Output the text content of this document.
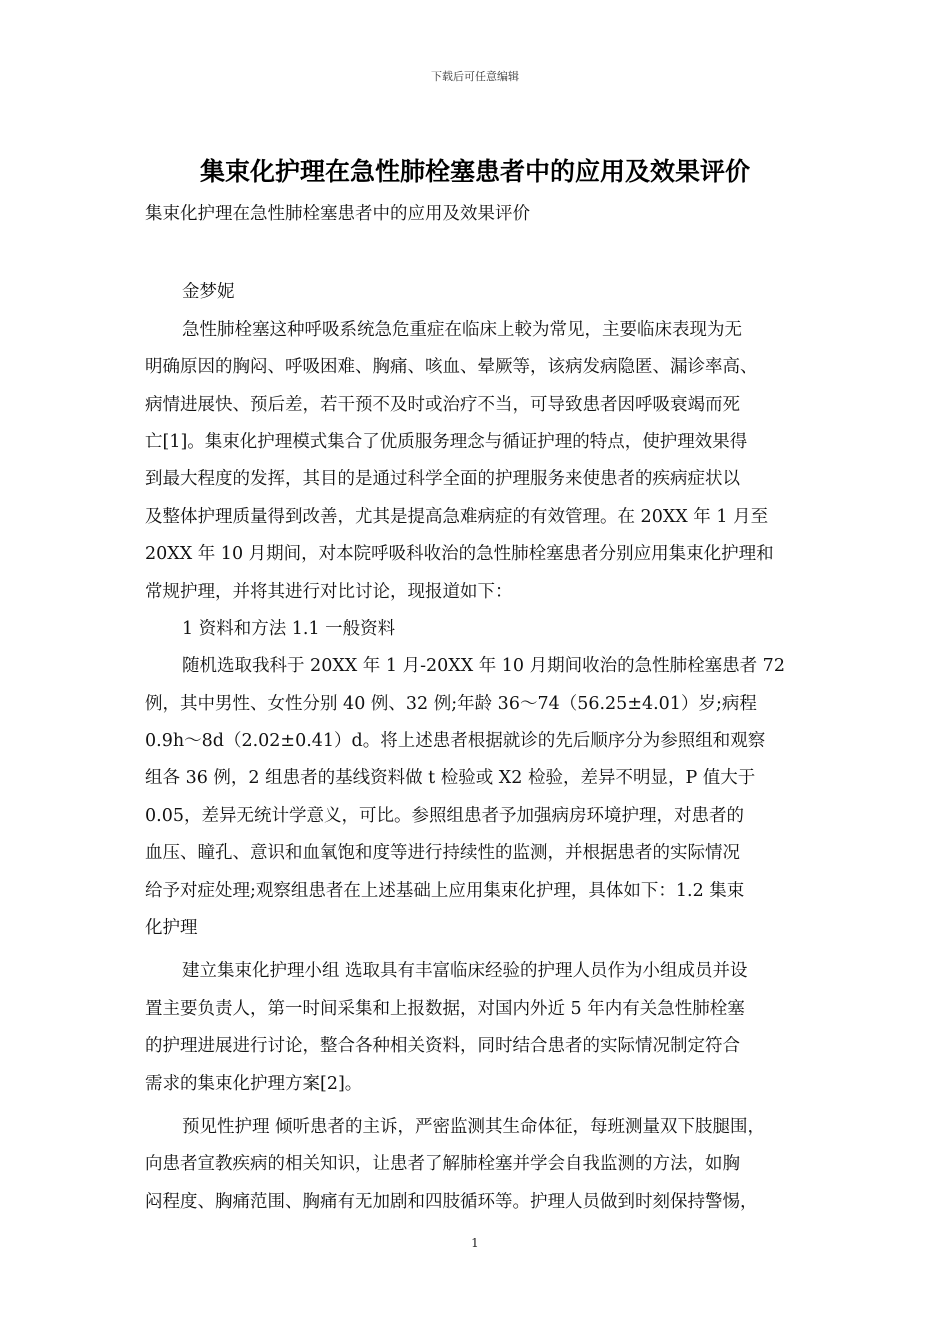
下载后可任意编辑
集束化护理在急性肺栓塞患者中的应用及效果评价
集束化护理在急性肺栓塞患者中的应用及效果评价
金梦妮
急性肺栓塞这种呼吸系统急危重症在临床上較为常见，主要临床表现为无
明确原因的胸闷、呼吸困难、胸痛、咳血、晕厥等，该病发病隐匿、漏诊率高、
病情进展快、预后差，若干预不及时或治疗不当，可导致患者因呼吸衰竭而死
亡[1]。集束化护理模式集合了优质服务理念与循证护理的特点，使护理效果得
到最大程度的发挥，其目的是通过科学全面的护理服务来使患者的疾病症状以
及整体护理质量得到改善，尤其是提高急难病症的有效管理。在 20XX 年 1 月至
20XX 年 10 月期间，对本院呼吸科收治的急性肺栓塞患者分别应用集束化护理和
常规护理，并将其进行对比讨论，现报道如下：
1 资料和方法 1.1 一般资料
随机选取我科于 20XX 年 1 月-20XX 年 10 月期间收治的急性肺栓塞患者 72
例，其中男性、女性分别 40 例、32 例;年龄 36～74（56.25±4.01）岁;病程
0.9h～8d（2.02±0.41）d。将上述患者根据就诊的先后顺序分为参照组和观察
组各 36 例，2 组患者的基线资料做 t 检验或 X2 检验，差异不明显，P 值大于
0.05，差异无统计学意义，可比。参照组患者予加强病房环境护理，对患者的
血压、瞳孔、意识和血氧饱和度等进行持续性的监测，并根据患者的实际情况
给予对症处理;观察组患者在上述基础上应用集束化护理，具体如下：1.2 集束
化护理
建立集束化护理小组 选取具有丰富临床经验的护理人员作为小组成员并设
置主要负责人，第一时间采集和上报数据，对国内外近 5 年内有关急性肺栓塞
的护理进展进行讨论，整合各种相关资料，同时结合患者的实际情况制定符合
需求的集束化护理方案[2]。
预见性护理 倾听患者的主诉，严密监测其生命体征，每班测量双下肢腿围，
向患者宣教疾病的相关知识，让患者了解肺栓塞并学会自我监测的方法，如胸
闷程度、胸痛范围、胸痛有无加剧和四肢循环等。护理人员做到时刻保持警惕，
1
